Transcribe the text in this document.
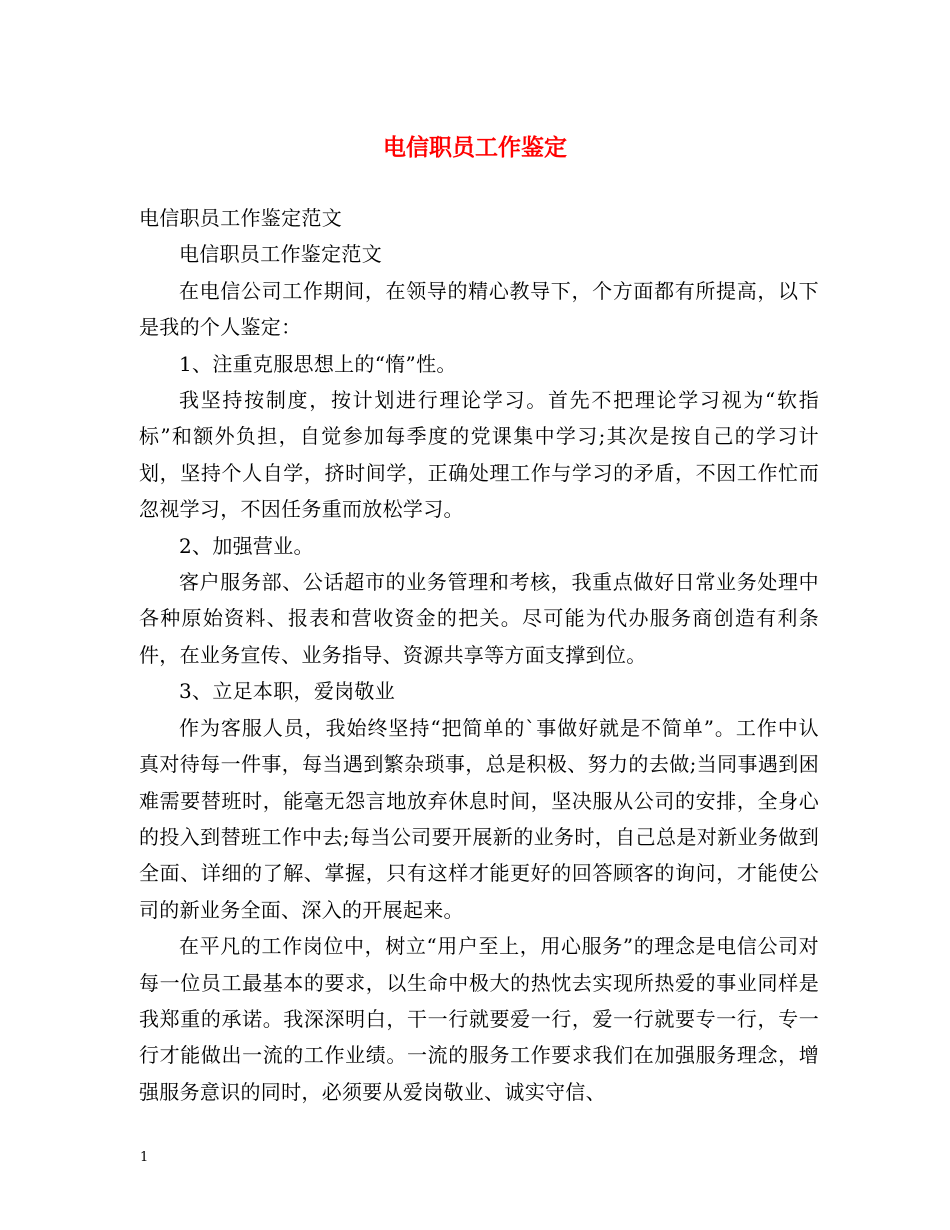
电信职员工作鉴定

电信职员工作鉴定范文

电信职员工作鉴定范文

在电信公司工作期间，在领导的精心教导下，个方面都有所提高，以下是我的个人鉴定：

1、注重克服思想上的“惰”性。

我坚持按制度，按计划进行理论学习。首先不把理论学习视为“软指标”和额外负担，自觉参加每季度的党课集中学习;其次是按自己的学习计划，坚持个人自学，挤时间学，正确处理工作与学习的矛盾，不因工作忙而忽视学习，不因任务重而放松学习。

2、加强营业。

客户服务部、公话超市的业务管理和考核，我重点做好日常业务处理中各种原始资料、报表和营收资金的把关。尽可能为代办服务商创造有利条件，在业务宣传、业务指导、资源共享等方面支撑到位。

3、立足本职，爱岗敬业

作为客服人员，我始终坚持“把简单的`事做好就是不简单”。工作中认真对待每一件事，每当遇到繁杂琐事，总是积极、努力的去做;当同事遇到困难需要替班时，能毫无怨言地放弃休息时间，坚决服从公司的安排，全身心的投入到替班工作中去;每当公司要开展新的业务时，自己总是对新业务做到全面、详细的了解、掌握，只有这样才能更好的回答顾客的询问，才能使公司的新业务全面、深入的开展起来。

在平凡的工作岗位中，树立“用户至上，用心服务”的理念是电信公司对每一位员工最基本的要求，以生命中极大的热忱去实现所热爱的事业同样是我郑重的承诺。我深深明白，干一行就要爱一行，爱一行就要专一行，专一行才能做出一流的工作业绩。一流的服务工作要求我们在加强服务理念，增强服务意识的同时，必须要从爱岗敬业、诚实守信、

1
